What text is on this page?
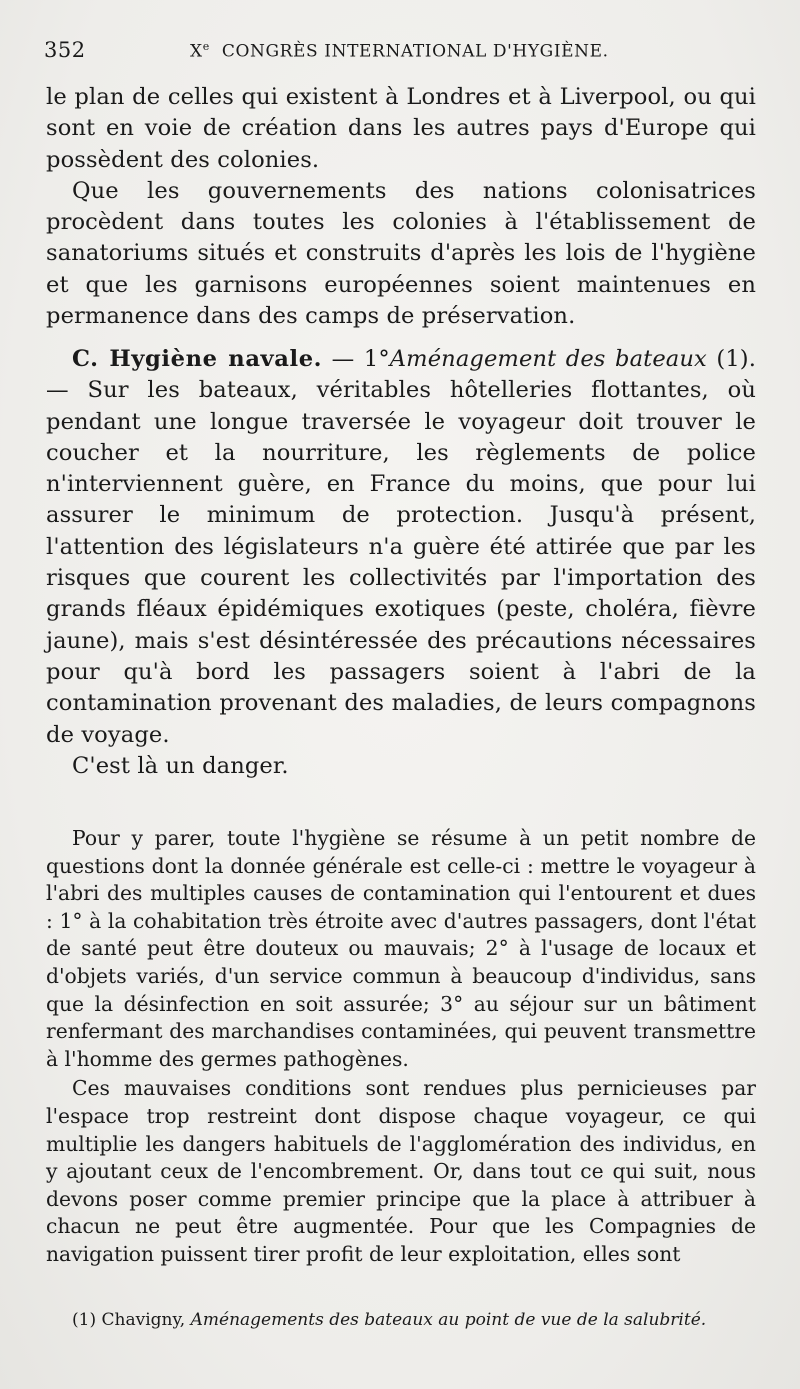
352	Xe CONGRÈS INTERNATIONAL D'HYGIÈNE.

le plan de celles qui existent à Londres et à Liverpool, ou qui sont en voie de création dans les autres pays d'Europe qui possèdent des colonies.

Que les gouvernements des nations colonisatrices procèdent dans toutes les colonies à l'établissement de sanatoriums situés et construits d'après les lois de l'hygiène et que les garnisons européennes soient maintenues en permanence dans des camps de préservation.

C. Hygiène navale. — 1°Aménagement des bateaux (1). — Sur les bateaux, véritables hôtelleries flottantes, où pendant une longue traversée le voyageur doit trouver le coucher et la nourriture, les règlements de police n'interviennent guère, en France du moins, que pour lui assurer le minimum de protection. Jusqu'à présent, l'attention des législateurs n'a guère été attirée que par les risques que courent les collectivités par l'importation des grands fléaux épidémiques exotiques (peste, choléra, fièvre jaune), mais s'est désintéressée des précautions nécessaires pour qu'à bord les passagers soient à l'abri de la contamination provenant des maladies, de leurs compagnons de voyage.

C'est là un danger.

Pour y parer, toute l'hygiène se résume à un petit nombre de questions dont la donnée générale est celle-ci : mettre le voyageur à l'abri des multiples causes de contamination qui l'entourent et dues : 1° à la cohabitation très étroite avec d'autres passagers, dont l'état de santé peut être douteux ou mauvais; 2° à l'usage de locaux et d'objets variés, d'un service commun à beaucoup d'individus, sans que la désinfection en soit assurée; 3° au séjour sur un bâtiment renfermant des marchandises contaminées, qui peuvent transmettre à l'homme des germes pathogènes.

Ces mauvaises conditions sont rendues plus pernicieuses par l'espace trop restreint dont dispose chaque voyageur, ce qui multiplie les dangers habituels de l'agglomération des individus, en y ajoutant ceux de l'encombrement. Or, dans tout ce qui suit, nous devons poser comme premier principe que la place à attribuer à chacun ne peut être augmentée. Pour que les Compagnies de navigation puissent tirer profit de leur exploitation, elles sont

(1) Chavigny, Aménagements des bateaux au point de vue de la salubrité.
